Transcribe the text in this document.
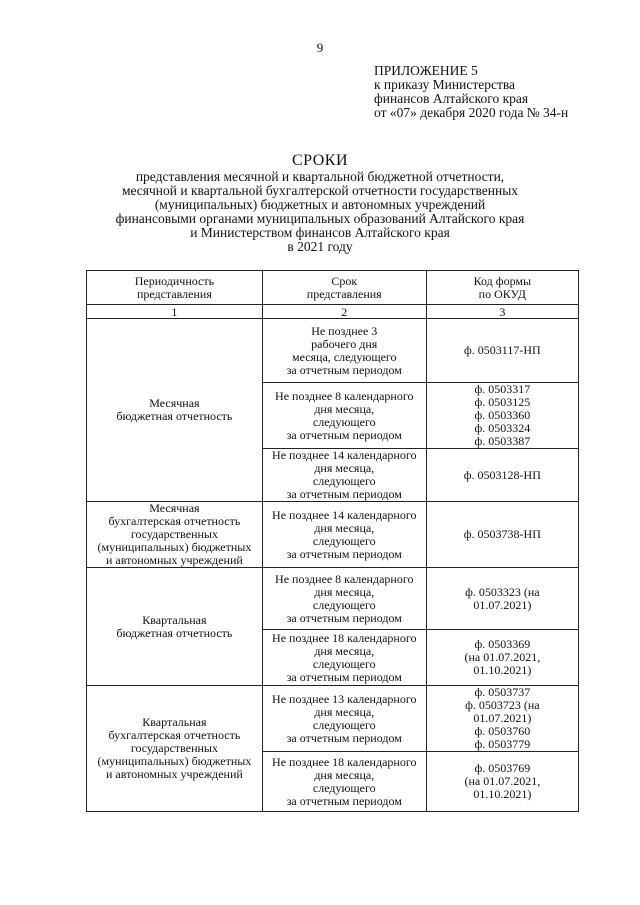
9
ПРИЛОЖЕНИЕ 5
к приказу Министерства
финансов Алтайского края
от «07» декабря 2020 года № 34-н
СРОКИ
представления месячной и квартальной бюджетной отчетности,
месячной и квартальной бухгалтерской отчетности государственных
(муниципальных) бюджетных и автономных учреждений
финансовыми органами муниципальных образований Алтайского края
и Министерством финансов Алтайского края
в 2021 году
Периодичность
представления	Срок
представления	Код формы
по ОКУД

1	2	3

Месячная
бюджетная отчетность	Не позднее 3
рабочего дня
месяца, следующего
за отчетным периодом	ф. 0503117-НП

	Не позднее 8 календарного
дня месяца,
следующего
за отчетным периодом	ф. 0503317
ф. 0503125
ф. 0503360
ф. 0503324
ф. 0503387

	Не позднее 14 календарного
дня месяца,
следующего
за отчетным периодом	ф. 0503128-НП

Месячная
бухгалтерская отчетность
государственных
(муниципальных) бюджетных
и автономных учреждений	Не позднее 14 календарного
дня месяца,
следующего
за отчетным периодом	ф. 0503738-НП

Квартальная
бюджетная отчетность	Не позднее 8 календарного
дня месяца,
следующего
за отчетным периодом	ф. 0503323 (на
01.07.2021)

	Не позднее 18 календарного
дня месяца,
следующего
за отчетным периодом	ф. 0503369
(на 01.07.2021,
01.10.2021)

Квартальная
бухгалтерская отчетность
государственных
(муниципальных) бюджетных
и автономных учреждений	Не позднее 13 календарного
дня месяца,
следующего
за отчетным периодом	ф. 0503737
ф. 0503723 (на
01.07.2021)
ф. 0503760
ф. 0503779

	Не позднее 18 календарного
дня месяца,
следующего
за отчетным периодом	ф. 0503769
(на 01.07.2021,
01.10.2021)
